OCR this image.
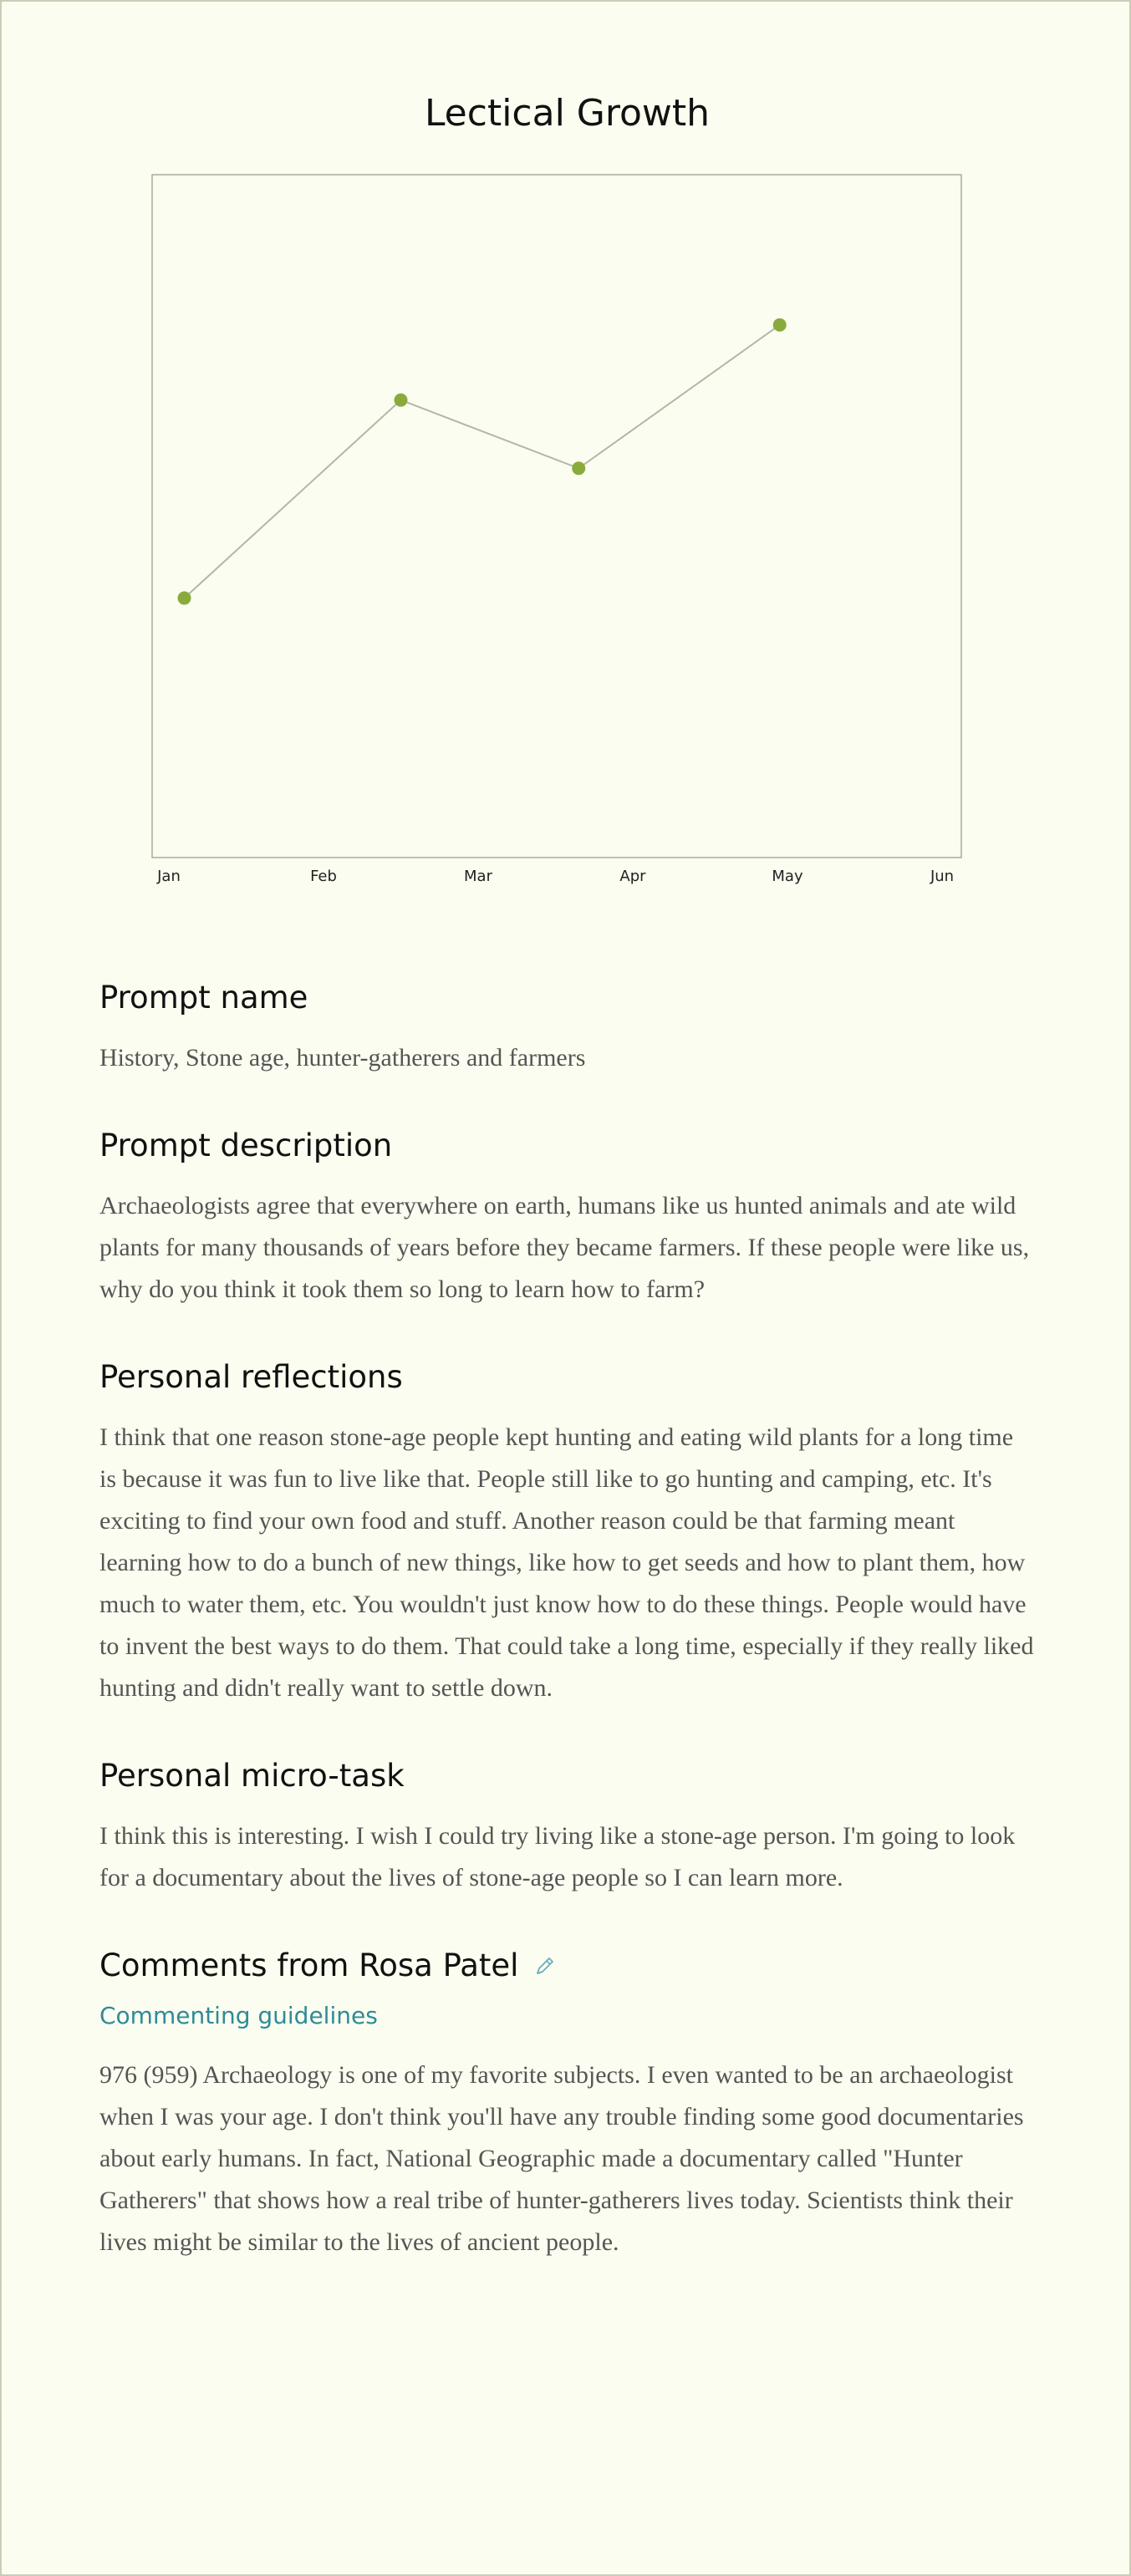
Lectical Growth
Jan	Feb	Mar	Apr	May	Jun
Prompt name

History, Stone age, hunter-gatherers and farmers

Prompt description

Archaeologists agree that everywhere on earth, humans like us hunted animals and ate wild plants for many thousands of years before they became farmers. If these people were like us, why do you think it took them so long to learn how to farm?

Personal reflections

I think that one reason stone-age people kept hunting and eating wild plants for a long time is because it was fun to live like that. People still like to go hunting and camping, etc. It's exciting to find your own food and stuff. Another reason could be that farming meant learning how to do a bunch of new things, like how to get seeds and how to plant them, how much to water them, etc. You wouldn't just know how to do these things. People would have to invent the best ways to do them. That could take a long time, especially if they really liked hunting and didn't really want to settle down.

Personal micro-task

I think this is interesting. I wish I could try living like a stone-age person. I'm going to look for a documentary about the lives of stone-age people so I can learn more.

Comments from Rosa Patel
Commenting guidelines

976 (959) Archaeology is one of my favorite subjects. I even wanted to be an archaeologist when I was your age. I don't think you'll have any trouble finding some good documentaries about early humans. In fact, National Geographic made a documentary called "Hunter Gatherers" that shows how a real tribe of hunter-gatherers lives today. Scientists think their lives might be similar to the lives of ancient people.
